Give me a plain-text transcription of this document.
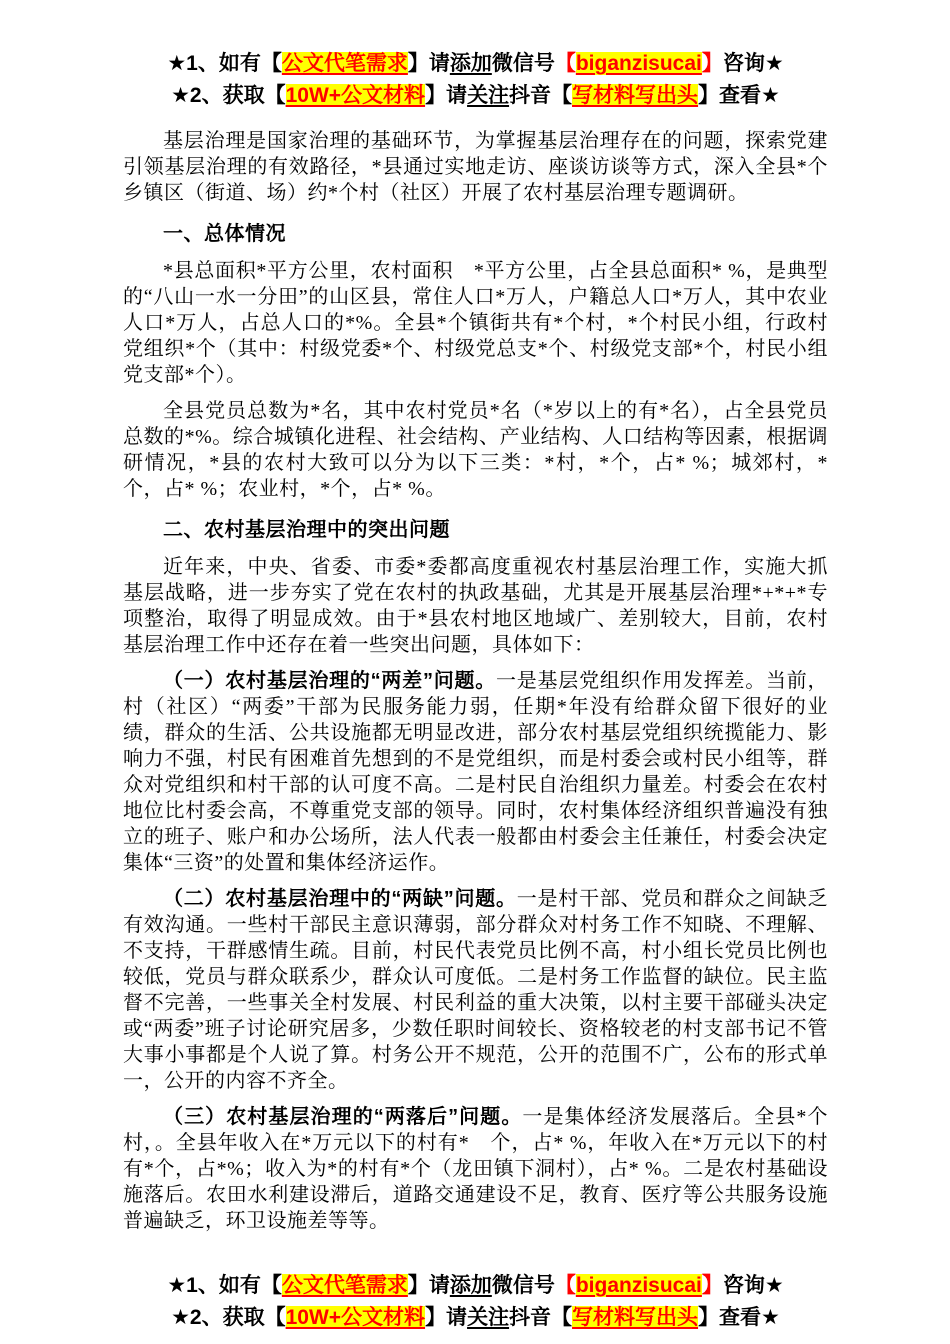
★1、如有【公文代笔需求】请添加微信号【biganzisucai】咨询★
★2、获取【10W+公文材料】请关注抖音【写材料写出头】查看★

基层治理是国家治理的基础环节，为掌握基层治理存在的问题，探索党建引领基层治理的有效路径，*县通过实地走访、座谈访谈等方式，深入全县*个乡镇区（街道、场）约*个村（社区）开展了农村基层治理专题调研。

一、总体情况

*县总面积*平方公里，农村面积　*平方公里，占全县总面积* %，是典型的“八山一水一分田”的山区县，常住人口*万人，户籍总人口*万人，其中农业人口*万人，占总人口的*%。全县*个镇街共有*个村，*个村民小组，行政村党组织*个（其中：村级党委*个、村级党总支*个、村级党支部*个，村民小组党支部*个）。

全县党员总数为*名，其中农村党员*名（*岁以上的有*名），占全县党员总数的*%。综合城镇化进程、社会结构、产业结构、人口结构等因素，根据调研情况，*县的农村大致可以分为以下三类：*村，*个，占* %；城郊村，*个，占* %；农业村，*个，占* %。

二、农村基层治理中的突出问题

近年来，中央、省委、市委*委都高度重视农村基层治理工作，实施大抓基层战略，进一步夯实了党在农村的执政基础，尤其是开展基层治理*+*+*专项整治，取得了明显成效。由于*县农村地区地域广、差别较大，目前，农村基层治理工作中还存在着一些突出问题，具体如下：

（一）农村基层治理的“两差”问题。一是基层党组织作用发挥差。当前，村（社区）“两委”干部为民服务能力弱，任期*年没有给群众留下很好的业绩，群众的生活、公共设施都无明显改进，部分农村基层党组织统揽能力、影响力不强，村民有困难首先想到的不是党组织，而是村委会或村民小组等，群众对党组织和村干部的认可度不高。二是村民自治组织力量差。村委会在农村地位比村委会高，不尊重党支部的领导。同时，农村集体经济组织普遍没有独立的班子、账户和办公场所，法人代表一般都由村委会主任兼任，村委会决定集体“三资”的处置和集体经济运作。

（二）农村基层治理中的“两缺”问题。一是村干部、党员和群众之间缺乏有效沟通。一些村干部民主意识薄弱，部分群众对村务工作不知晓、不理解、不支持，干群感情生疏。目前，村民代表党员比例不高，村小组长党员比例也较低，党员与群众联系少，群众认可度低。二是村务工作监督的缺位。民主监督不完善，一些事关全村发展、村民利益的重大决策，以村主要干部碰头决定或“两委”班子讨论研究居多，少数任职时间较长、资格较老的村支部书记不管大事小事都是个人说了算。村务公开不规范，公开的范围不广，公布的形式单一，公开的内容不齐全。

（三）农村基层治理的“两落后”问题。一是集体经济发展落后。全县*个村，。全县年收入在*万元以下的村有*　个，占* %，年收入在*万元以下的村有*个，占*%；收入为*的村有*个（龙田镇下洞村），占* %。二是农村基础设施落后。农田水利建设滞后，道路交通建设不足，教育、医疗等公共服务设施普遍缺乏，环卫设施差等等。

★1、如有【公文代笔需求】请添加微信号【biganzisucai】咨询★
★2、获取【10W+公文材料】请关注抖音【写材料写出头】查看★
